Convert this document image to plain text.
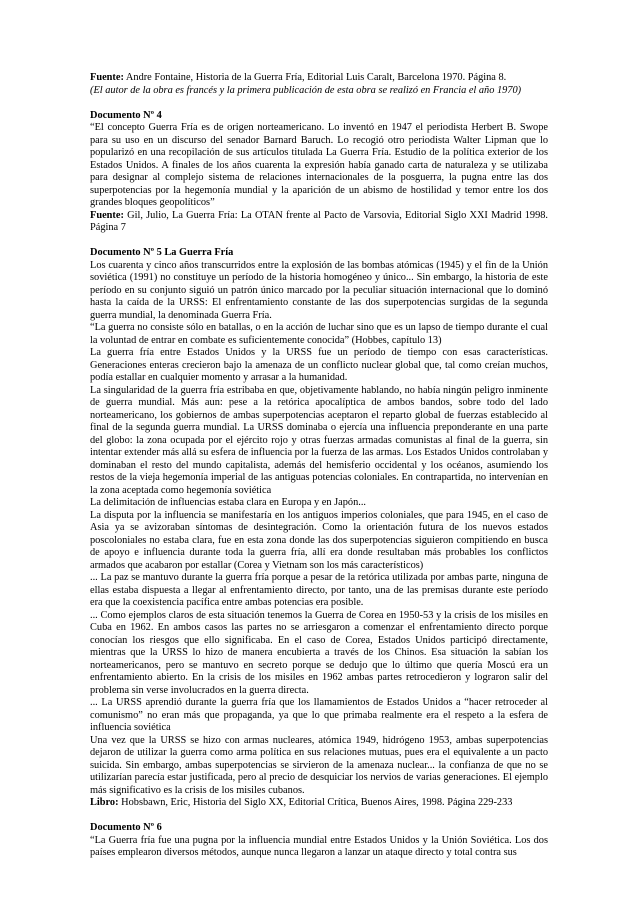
Fuente: Andre Fontaine, Historia de la Guerra Fría, Editorial Luis Caralt, Barcelona 1970. Página 8.

(El autor de la obra es francés y la primera publicación de esta obra se realizó en Francia el año 1970)

Documento Nº 4

“El concepto Guerra Fría es de origen norteamericano. Lo inventó en 1947 el periodista Herbert B. Swope para su uso en un discurso del senador Barnard Baruch. Lo recogió otro periodista Walter Lipman que lo popularizó en una recopilación de sus artículos titulada La Guerra Fría. Estudio de la política exterior de los Estados Unidos. A finales de los años cuarenta la expresión había ganado carta de naturaleza y se utilizaba para designar al complejo sistema de relaciones internacionales de la posguerra, la pugna entre las dos superpotencias por la hegemonía mundial y la aparición de un abismo de hostilidad y temor entre los dos grandes bloques geopolíticos”

Fuente: Gil, Julio, La Guerra Fría: La OTAN frente al Pacto de Varsovia, Editorial Siglo XXI Madrid 1998. Página 7

Documento Nº 5 La Guerra Fría

Los cuarenta y cinco años transcurridos entre la explosión de las bombas atómicas (1945) y el fin de la Unión soviética (1991) no constituye un período de la historia homogéneo y único... Sin embargo, la historia de este período en su conjunto siguió un patrón único marcado por la peculiar situación internacional que lo dominó hasta la caída de la URSS: El enfrentamiento constante de las dos superpotencias surgidas de la segunda guerra mundial, la denominada Guerra Fría.

“La guerra no consiste sólo en batallas, o en la acción de luchar sino que es un lapso de tiempo durante el cual la voluntad de entrar en combate es suficientemente conocida” (Hobbes, capítulo 13)

La guerra fría entre Estados Unidos y la URSS fue un período de tiempo con esas características. Generaciones enteras crecieron bajo la amenaza de un conflicto nuclear global que, tal como creían muchos, podía estallar en cualquier momento y arrasar a la humanidad.

La singularidad de la guerra fría estribaba en que, objetivamente hablando, no había ningún peligro inminente de guerra mundial. Más aun: pese a la retórica apocalíptica de ambos bandos, sobre todo del lado norteamericano, los gobiernos de ambas superpotencias aceptaron el reparto global de fuerzas establecido al final de la segunda guerra mundial. La URSS dominaba o ejercía una influencia preponderante en una parte del globo: la zona ocupada por el ejército rojo y otras fuerzas armadas comunistas al final de la guerra, sin intentar extender más allá su esfera de influencia por la fuerza de las armas. Los Estados Unidos controlaban y dominaban el resto del mundo capitalista, además del hemisferio occidental y los océanos, asumiendo los restos de la vieja hegemonía imperial de las antiguas potencias coloniales. En contrapartida, no intervenían en la zona aceptada como hegemonía soviética

La delimitación de influencias estaba clara en Europa y en Japón...

La disputa por la influencia se manifestaría en los antiguos imperios coloniales, que para 1945, en el caso de Asia ya se avizoraban síntomas de desintegración. Como la orientación futura de los nuevos estados poscoloniales no estaba clara, fue en esta zona donde las dos superpotencias siguieron compitiendo en busca de apoyo e influencia durante toda la guerra fría, allí era donde resultaban más probables los conflictos armados que acabaron por estallar (Corea y Vietnam son los más característicos)

... La paz se mantuvo durante la guerra fría porque a pesar de la retórica utilizada por ambas parte, ninguna de ellas estaba dispuesta a llegar al enfrentamiento directo, por tanto, una de las premisas durante este período era que la coexistencia pacífica entre ambas potencias era posible.

... Como ejemplos claros de esta situación tenemos la Guerra de Corea en 1950-53 y la crisis de los misiles en Cuba en 1962. En ambos casos las partes no se arriesgaron a comenzar el enfrentamiento directo porque conocían los riesgos que ello significaba. En el caso de Corea, Estados Unidos participó directamente, mientras que la URSS lo hizo de manera encubierta a través de los Chinos. Esa situación la sabían los norteamericanos, pero se mantuvo en secreto porque se dedujo que lo último que quería Moscú era un enfrentamiento abierto. En la crisis de los misiles en 1962 ambas partes retrocedieron y lograron salir del problema sin verse involucrados en la guerra directa.

... La URSS aprendió durante la guerra fría que los llamamientos de Estados Unidos a “hacer retroceder al comunismo” no eran más que propaganda, ya que lo que primaba realmente era el respeto a la esfera de influencia soviética

Una vez que la URSS se hizo con armas nucleares, atómica 1949, hidrógeno 1953, ambas superpotencias dejaron de utilizar la guerra como arma política en sus relaciones mutuas, pues era el equivalente a un pacto suicida. Sin embargo, ambas superpotencias se sirvieron de la amenaza nuclear... la confianza de que no se utilizarían parecía estar justificada, pero al precio de desquiciar los nervios de varias generaciones. El ejemplo más significativo es la crisis de los misiles cubanos.

Libro: Hobsbawn, Eric, Historia del Siglo XX, Editorial Crítica, Buenos Aires, 1998. Página 229-233

Documento Nº 6

“La Guerra fría fue una pugna por la influencia mundial entre Estados Unidos y la Unión Soviética. Los dos países emplearon diversos métodos, aunque nunca llegaron a lanzar un ataque directo y total contra sus
